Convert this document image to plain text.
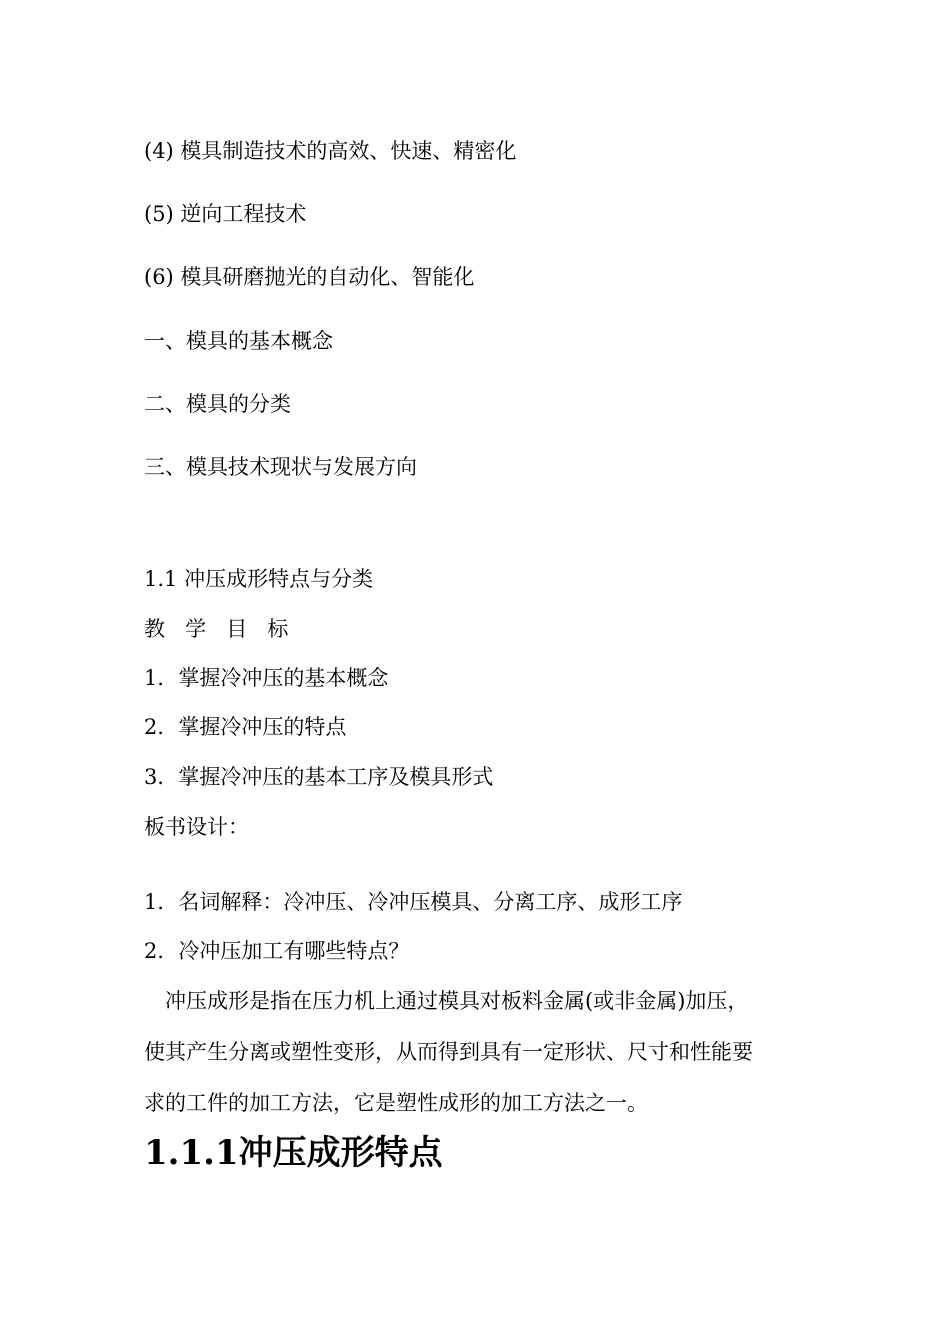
(4) 模具制造技术的高效、快速、精密化
(5) 逆向工程技术
(6) 模具研磨抛光的自动化、智能化
一、模具的基本概念
二、模具的分类
三、模具技术现状与发展方向
1.1 冲压成形特点与分类
教 学 目 标
1．掌握冷冲压的基本概念
2．掌握冷冲压的特点
3．掌握冷冲压的基本工序及模具形式
板书设计：
1．名词解释：冷冲压、冷冲压模具、分离工序、成形工序
2．冷冲压加工有哪些特点？
　冲压成形是指在压力机上通过模具对板料金属(或非金属)加压，
使其产生分离或塑性变形，从而得到具有一定形状、尺寸和性能要
求的工件的加工方法，它是塑性成形的加工方法之一。
1.1.1冲压成形特点
